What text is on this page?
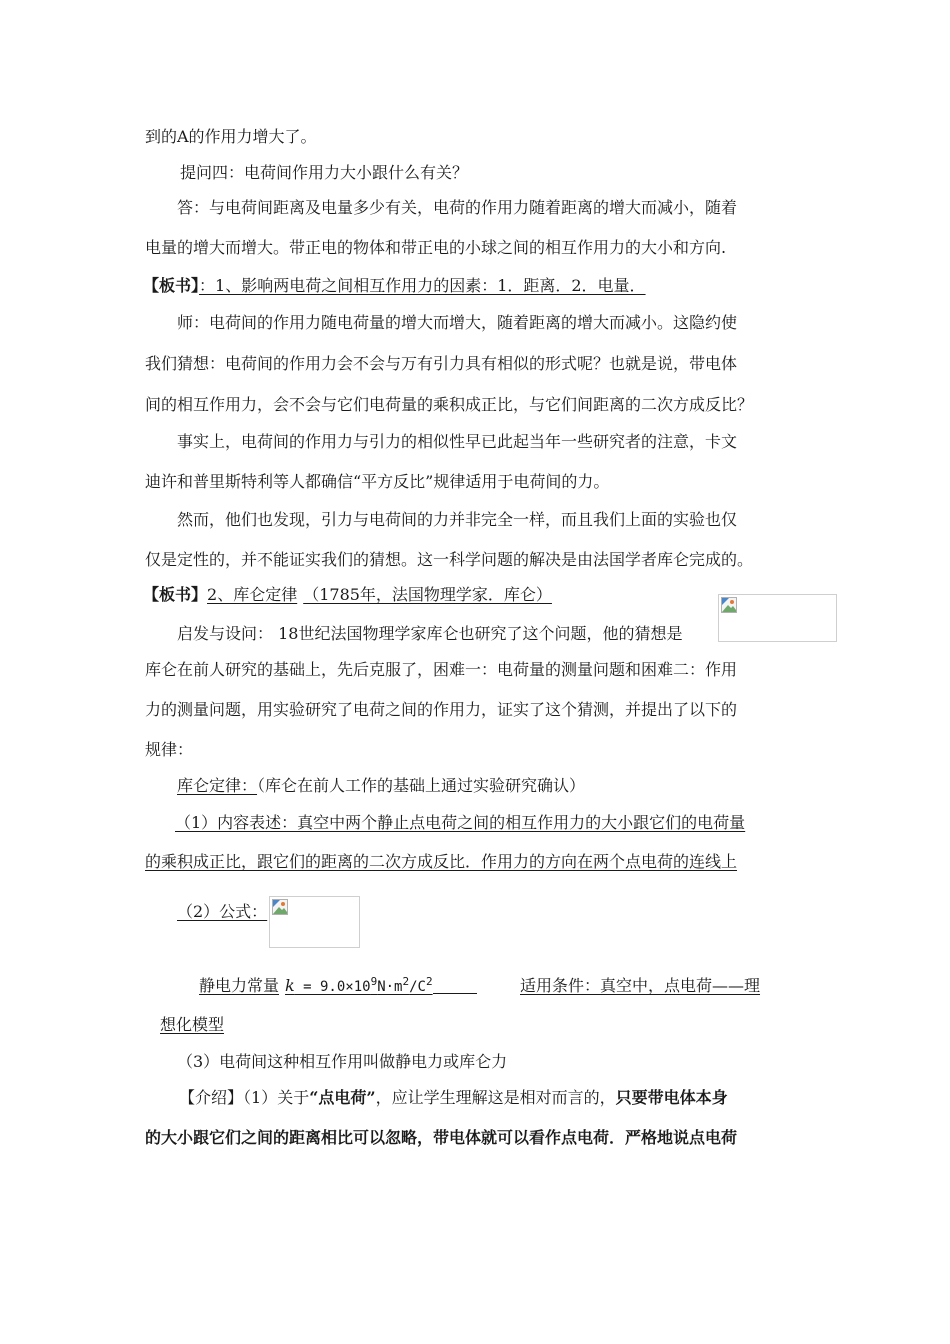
到的A的作用力增大了。
提问四：电荷间作用力大小跟什么有关？
答：与电荷间距离及电量多少有关，电荷的作用力随着距离的增大而减小，随着
电量的增大而增大。带正电的物体和带正电的小球之间的相互作用力的大小和方向.
【板书】：1、影响两电荷之间相互作用力的因素：1．距离．2．电量．
师：电荷间的作用力随电荷量的增大而增大，随着距离的增大而减小。这隐约使
我们猜想：电荷间的作用力会不会与万有引力具有相似的形式呢？也就是说，带电体
间的相互作用力，会不会与它们电荷量的乘积成正比，与它们间距离的二次方成反比？
事实上，电荷间的作用力与引力的相似性早已此起当年一些研究者的注意，卡文
迪许和普里斯特利等人都确信“平方反比”规律适用于电荷间的力。
然而，他们也发现，引力与电荷间的力并非完全一样，而且我们上面的实验也仅
仅是定性的，并不能证实我们的猜想。这一科学问题的解决是由法国学者库仑完成的。
【板书】2、库仑定律 （1785年，法国物理学家．库仑）
启发与设问： 18世纪法国物理学家库仑也研究了这个问题，他的猜想是
库仑在前人研究的基础上，先后克服了，困难一：电荷量的测量问题和困难二：作用
力的测量问题，用实验研究了电荷之间的作用力，证实了这个猜测，并提出了以下的
规律：
库仑定律：（库仑在前人工作的基础上通过实验研究确认）
（1）内容表述：真空中两个静止点电荷之间的相互作用力的大小跟它们的电荷量
的乘积成正比，跟它们的距离的二次方成反比．作用力的方向在两个点电荷的连线上
（2）公式：
静电力常量 $k = 9.0\times 10^9N\cdot m^2/C^2$	适用条件：真空中，点电荷——理
想化模型
（3）电荷间这种相互作用叫做静电力或库仑力
【介绍】（1）关于“点电荷”，应让学生理解这是相对而言的，只要带电体本身
的大小跟它们之间的距离相比可以忽略，带电体就可以看作点电荷．严格地说点电荷
